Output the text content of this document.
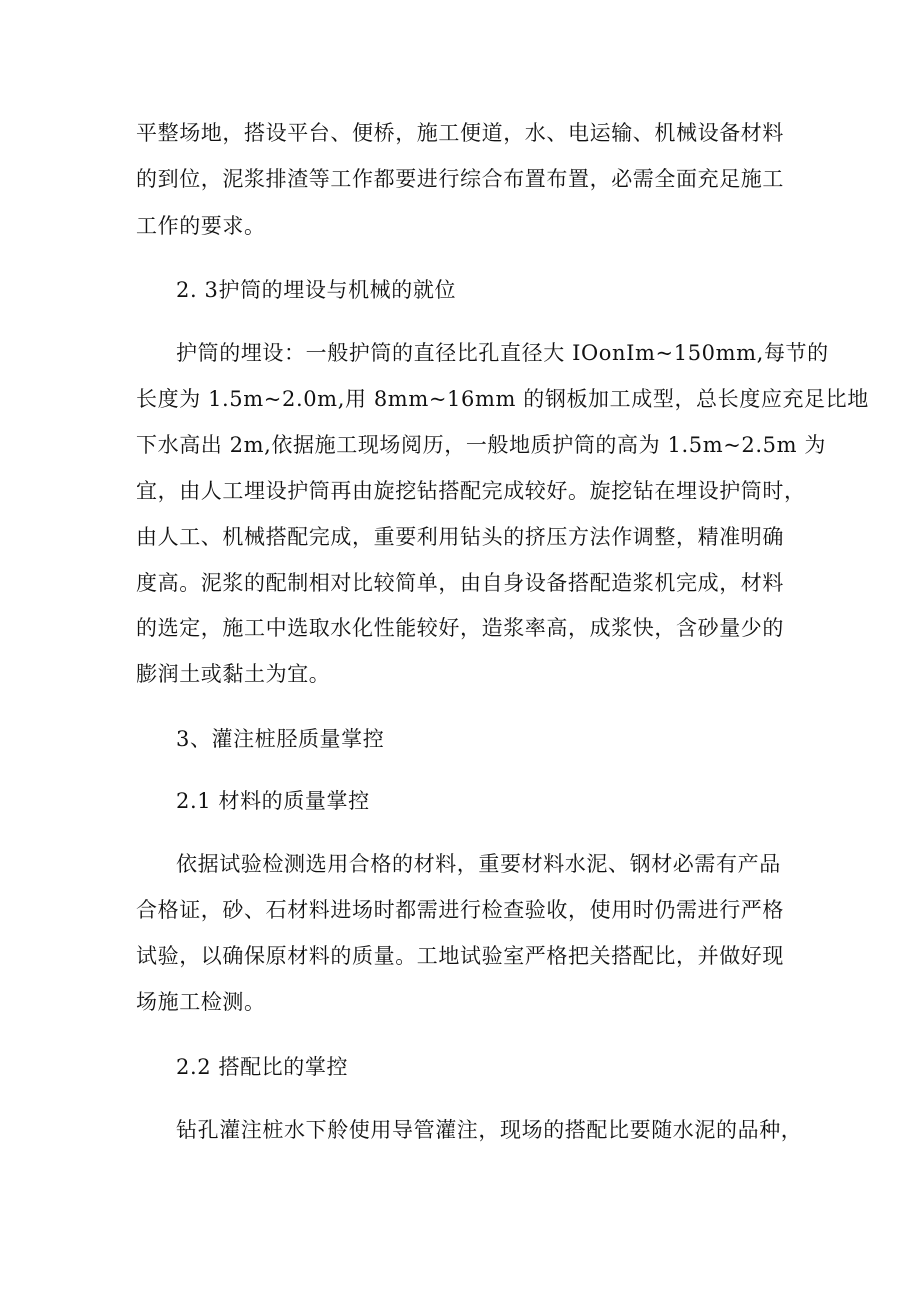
平整场地，搭设平台、便桥，施工便道，水、电运输、机械设备材料

的到位，泥浆排渣等工作都要进行综合布置布置，必需全面充足施工

工作的要求。

2. 3护筒的埋设与机械的就位

护筒的埋设：一般护筒的直径比孔直径大 IOonIm~150mm,每节的

长度为 1.5m~2.0m,用 8mm~16mm 的钢板加工成型，总长度应充足比地

下水高出 2m,依据施工现场阅历，一般地质护筒的高为 1.5m~2.5m 为

宜，由人工埋设护筒再由旋挖钻搭配完成较好。旋挖钻在埋设护筒时，

由人工、机械搭配完成，重要利用钻头的挤压方法作调整，精准明确

度高。泥浆的配制相对比较简单，由自身设备搭配造浆机完成，材料

的选定，施工中选取水化性能较好，造浆率高，成浆快，含砂量少的

膨润土或黏土为宜。

3、灌注桩胫质量掌控

2.1 材料的质量掌控

依据试验检测选用合格的材料，重要材料水泥、钢材必需有产品

合格证，砂、石材料进场时都需进行检查验收，使用时仍需进行严格

试验，以确保原材料的质量。工地试验室严格把关搭配比，并做好现

场施工检测。

2.2 搭配比的掌控

钻孔灌注桩水下舲使用导管灌注，现场的搭配比要随水泥的品种，
